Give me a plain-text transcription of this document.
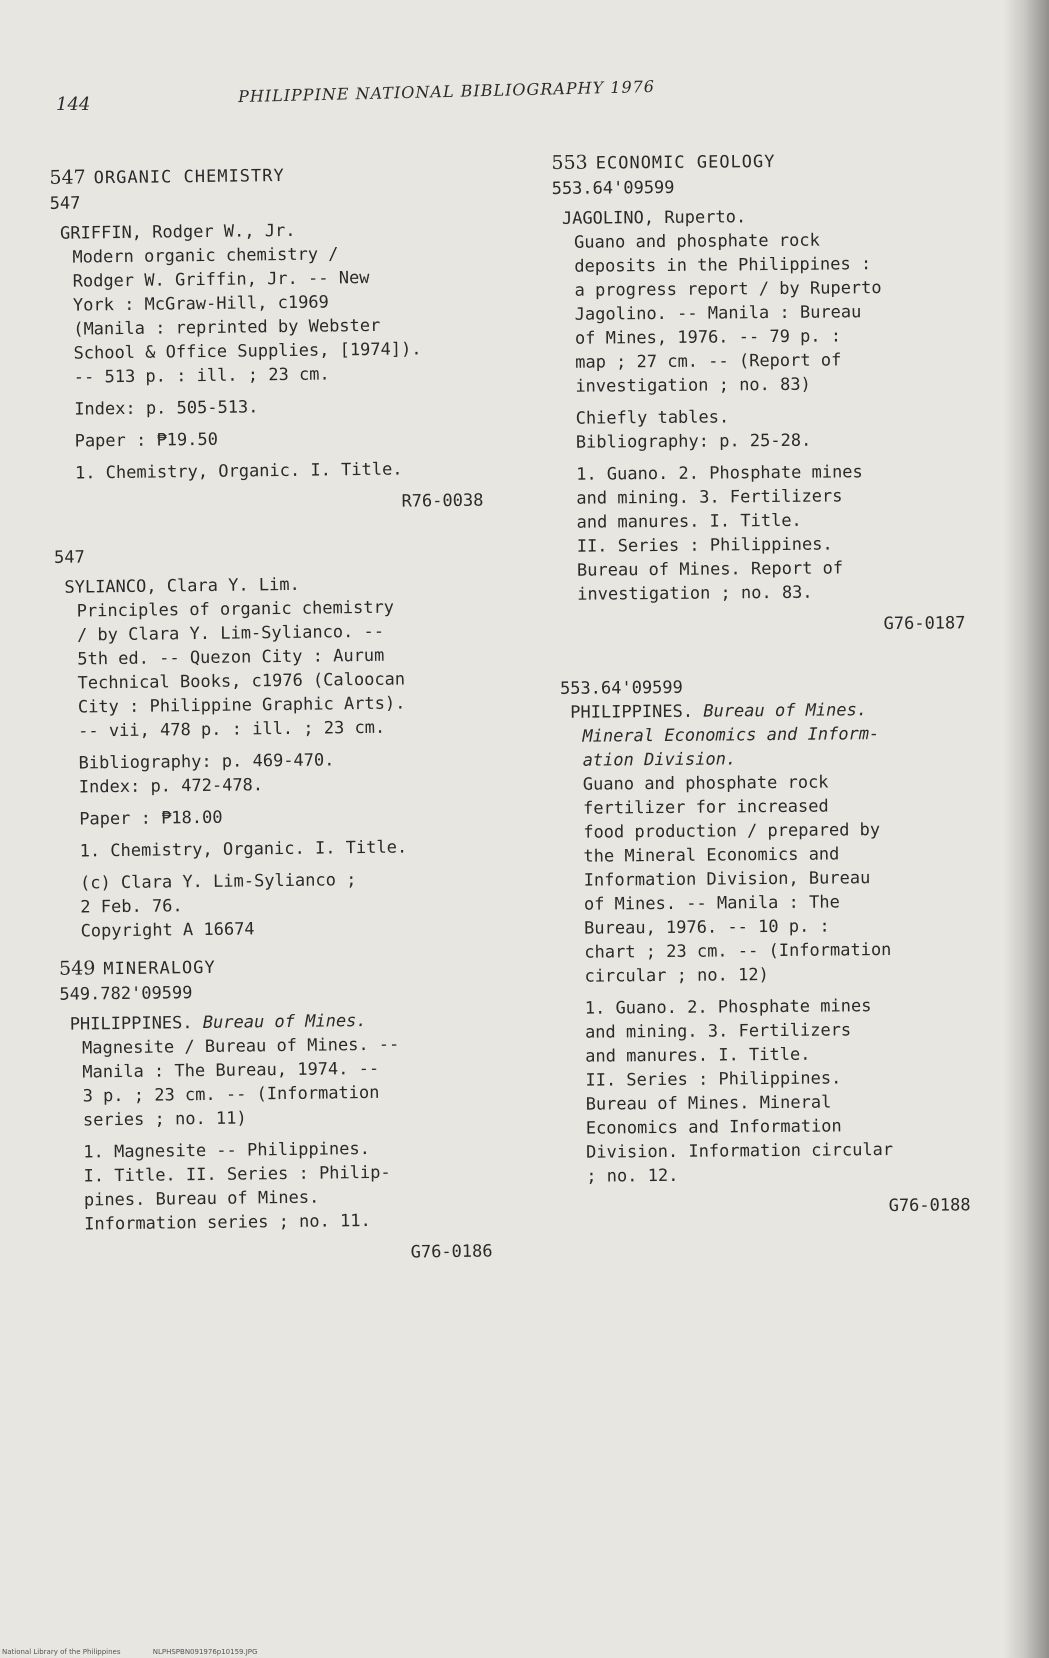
144	PHILIPPINE NATIONAL BIBLIOGRAPHY 1976
547 ORGANIC CHEMISTRY
547
GRIFFIN, Rodger W., Jr.
Modern organic chemistry /
Rodger W. Griffin, Jr. -- New
York : McGraw-Hill, c1969
(Manila : reprinted by Webster
School & Office Supplies, [1974]).
-- 513 p. : ill. ; 23 cm.
Index: p. 505-513.
Paper : ₱19.50
1. Chemistry, Organic. I. Title.
R76-0038
547
SYLIANCO, Clara Y. Lim.
Principles of organic chemistry
/ by Clara Y. Lim-Sylianco. --
5th ed. -- Quezon City : Aurum
Technical Books, c1976 (Caloocan
City : Philippine Graphic Arts).
-- vii, 478 p. : ill. ; 23 cm.
Bibliography: p. 469-470.
Index: p. 472-478.
Paper : ₱18.00
1. Chemistry, Organic. I. Title.
(c) Clara Y. Lim-Sylianco ;
2 Feb. 76.
Copyright A 16674
549 MINERALOGY
549.782'09599
PHILIPPINES. Bureau of Mines.
Magnesite / Bureau of Mines. --
Manila : The Bureau, 1974. --
3 p. ; 23 cm. -- (Information
series ; no. 11)
1. Magnesite -- Philippines.
I. Title. II. Series : Philip-
pines. Bureau of Mines.
Information series ; no. 11.
G76-0186
553 ECONOMIC GEOLOGY
553.64'09599
JAGOLINO, Ruperto.
Guano and phosphate rock
deposits in the Philippines :
a progress report / by Ruperto
Jagolino. -- Manila : Bureau
of Mines, 1976. -- 79 p. :
map ; 27 cm. -- (Report of
investigation ; no. 83)
Chiefly tables.
Bibliography: p. 25-28.
1. Guano. 2. Phosphate mines
and mining. 3. Fertilizers
and manures. I. Title.
II. Series : Philippines.
Bureau of Mines. Report of
investigation ; no. 83.
G76-0187
553.64'09599
PHILIPPINES. Bureau of Mines.
Mineral Economics and Inform-
ation Division.
Guano and phosphate rock
fertilizer for increased
food production / prepared by
the Mineral Economics and
Information Division, Bureau
of Mines. -- Manila : The
Bureau, 1976. -- 10 p. :
chart ; 23 cm. -- (Information
circular ; no. 12)
1. Guano. 2. Phosphate mines
and mining. 3. Fertilizers
and manures. I. Title.
II. Series : Philippines.
Bureau of Mines. Mineral
Economics and Information
Division. Information circular
; no. 12.
G76-0188
National Library of the Philippines	NLPHSPBN091976p10159.JPG
